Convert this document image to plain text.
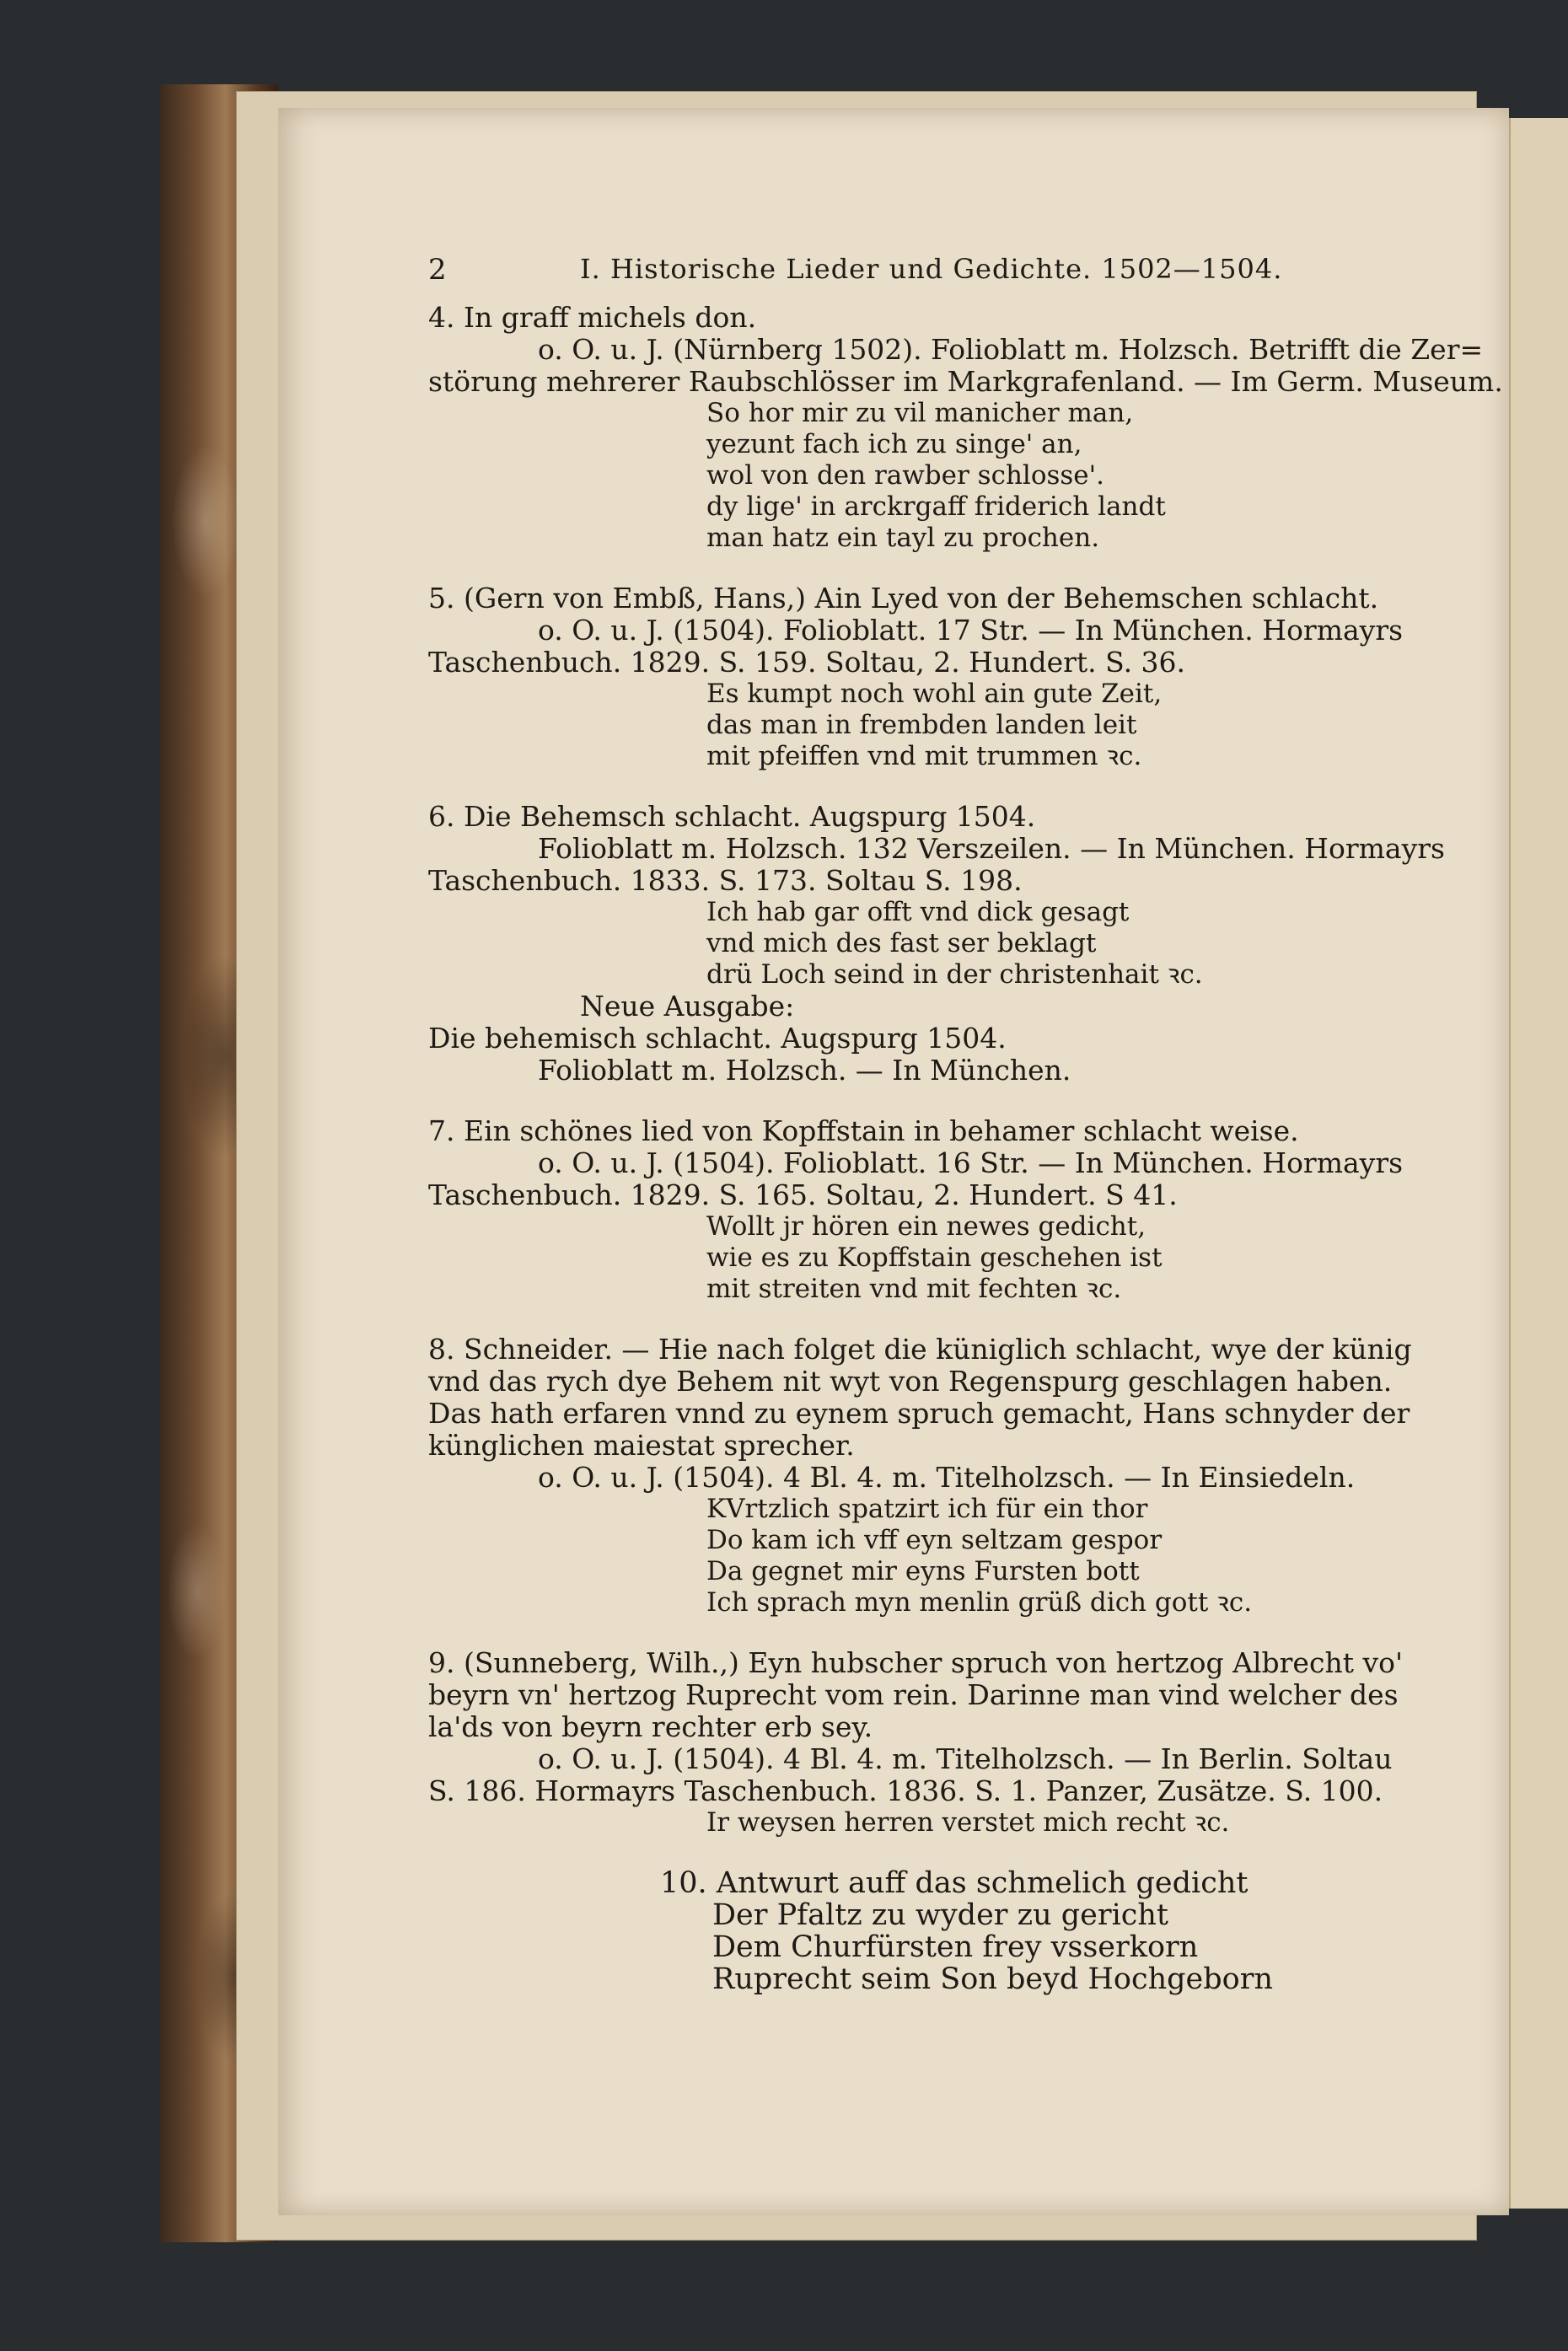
2	I. Historische Lieder und Gedichte. 1502—1504.
4. In graff michels don.
o. O. u. J. (Nürnberg 1502). Folioblatt m. Holzsch. Betrifft die Zer=
störung mehrerer Raubschlösser im Markgrafenland. — Im Germ. Museum.
So hor mir zu vil manicher man,
yezunt fach ich zu singe' an,
wol von den rawber schlosse'.
dy lige' in arckrgaff friderich landt
man hatz ein tayl zu prochen.
5. (Gern von Embß, Hans,) Ain Lyed von der Behemschen schlacht.
o. O. u. J. (1504). Folioblatt. 17 Str. — In München. Hormayrs
Taschenbuch. 1829. S. 159. Soltau, 2. Hundert. S. 36.
Es kumpt noch wohl ain gute Zeit,
das man in frembden landen leit
mit pfeiffen vnd mit trummen ꝛc.
6. Die Behemsch schlacht. Augspurg 1504.
Folioblatt m. Holzsch. 132 Verszeilen. — In München. Hormayrs
Taschenbuch. 1833. S. 173. Soltau S. 198.
Ich hab gar offt vnd dick gesagt
vnd mich des fast ser beklagt
drü Loch seind in der christenhait ꝛc.
Neue Ausgabe:
Die behemisch schlacht. Augspurg 1504.
Folioblatt m. Holzsch. — In München.
7. Ein schönes lied von Kopffstain in behamer schlacht weise.
o. O. u. J. (1504). Folioblatt. 16 Str. — In München. Hormayrs
Taschenbuch. 1829. S. 165. Soltau, 2. Hundert. S 41.
Wollt jr hören ein newes gedicht,
wie es zu Kopffstain geschehen ist
mit streiten vnd mit fechten ꝛc.
8. Schneider. — Hie nach folget die küniglich schlacht, wye der künig
vnd das rych dye Behem nit wyt von Regenspurg geschlagen haben.
Das hath erfaren vnnd zu eynem spruch gemacht, Hans schnyder der
künglichen maiestat sprecher.
o. O. u. J. (1504). 4 Bl. 4. m. Titelholzsch. — In Einsiedeln.
KVrtzlich spatzirt ich für ein thor
Do kam ich vff eyn seltzam gespor
Da gegnet mir eyns Fursten bott
Ich sprach myn menlin grüß dich gott ꝛc.
9. (Sunneberg, Wilh.,) Eyn hubscher spruch von hertzog Albrecht vo'
beyrn vn' hertzog Ruprecht vom rein. Darinne man vind welcher des
la'ds von beyrn rechter erb sey.
o. O. u. J. (1504). 4 Bl. 4. m. Titelholzsch. — In Berlin. Soltau
S. 186. Hormayrs Taschenbuch. 1836. S. 1. Panzer, Zusätze. S. 100.
Ir weysen herren verstet mich recht ꝛc.
10. Antwurt auff das schmelich gedicht
Der Pfaltz zu wyder zu gericht
Dem Churfürsten frey vsserkorn
Ruprecht seim Son beyd Hochgeborn
